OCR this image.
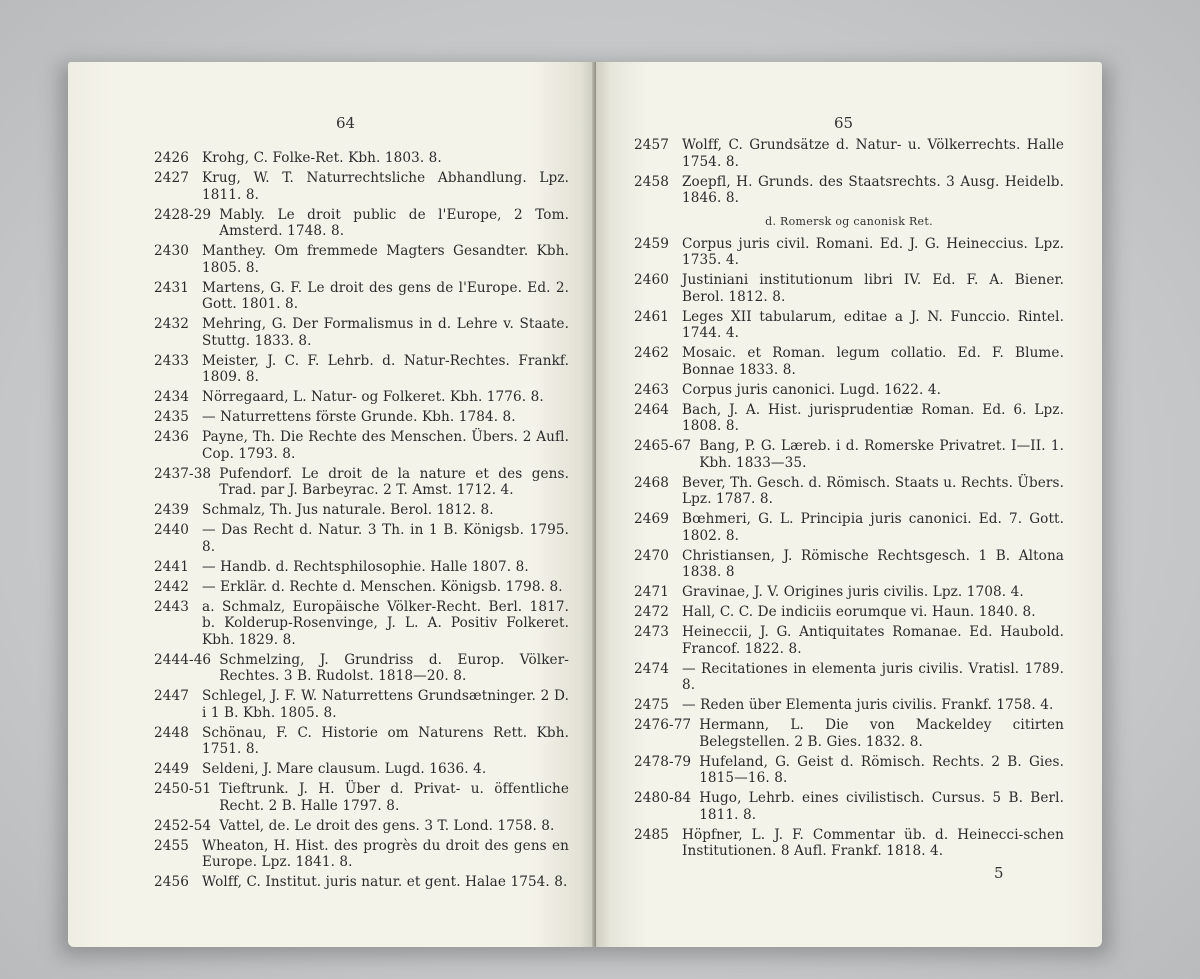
64
2426 Krohg, C. Folke-Ret. Kbh. 1803. 8.
2427 Krug, W. T. Naturrechtsliche Abhandlung. Lpz. 1811. 8.
2428-29 Mably. Le droit public de l'Europe, 2 Tom. Amsterd. 1748. 8.
2430 Manthey. Om fremmede Magters Gesandter. Kbh. 1805. 8.
2431 Martens, G. F. Le droit des gens de l'Europe. Ed. 2. Gott. 1801. 8.
2432 Mehring, G. Der Formalismus in d. Lehre v. Staate. Stuttg. 1833. 8.
2433 Meister, J. C. F. Lehrb. d. Natur-Rechtes. Frankf. 1809. 8.
2434 Nörregaard, L. Natur- og Folkeret. Kbh. 1776. 8.
2435 — Naturrettens förste Grunde. Kbh. 1784. 8.
2436 Payne, Th. Die Rechte des Menschen. Übers. 2 Aufl. Cop. 1793. 8.
2437-38 Pufendorf. Le droit de la nature et des gens. Trad. par J. Barbeyrac. 2 T. Amst. 1712. 4.
2439 Schmalz, Th. Jus naturale. Berol. 1812. 8.
2440 — Das Recht d. Natur. 3 Th. in 1 B. Königsb. 1795. 8.
2441 — Handb. d. Rechtsphilosophie. Halle 1807. 8.
2442 — Erklär. d. Rechte d. Menschen. Königsb. 1798. 8.
2443 a. Schmalz, Europäische Völker-Recht. Berl. 1817. b. Kolderup-Rosenvinge, J. L. A. Positiv Folkeret. Kbh. 1829. 8.
2444-46 Schmelzing, J. Grundriss d. Europ. Völker-Rechtes. 3 B. Rudolst. 1818—20. 8.
2447 Schlegel, J. F. W. Naturrettens Grundsætninger. 2 D. i 1 B. Kbh. 1805. 8.
2448 Schönau, F. C. Historie om Naturens Rett. Kbh. 1751. 8.
2449 Seldeni, J. Mare clausum. Lugd. 1636. 4.
2450-51 Tieftrunk. J. H. Über d. Privat- u. öffentliche Recht. 2 B. Halle 1797. 8.
2452-54 Vattel, de. Le droit des gens. 3 T. Lond. 1758. 8.
2455 Wheaton, H. Hist. des progrès du droit des gens en Europe. Lpz. 1841. 8.
2456 Wolff, C. Institut. juris natur. et gent. Halae 1754. 8.
65
2457 Wolff, C. Grundsätze d. Natur- u. Völkerrechts. Halle 1754. 8.
2458 Zoepfl, H. Grunds. des Staatsrechts. 3 Ausg. Heidelb. 1846. 8.
d. Romersk og canonisk Ret.
2459 Corpus juris civil. Romani. Ed. J. G. Heineccius. Lpz. 1735. 4.
2460 Justiniani institutionum libri IV. Ed. F. A. Biener. Berol. 1812. 8.
2461 Leges XII tabularum, editae a J. N. Funccio. Rintel. 1744. 4.
2462 Mosaic. et Roman. legum collatio. Ed. F. Blume. Bonnae 1833. 8.
2463 Corpus juris canonici. Lugd. 1622. 4.
2464 Bach, J. A. Hist. jurisprudentiæ Roman. Ed. 6. Lpz. 1808. 8.
2465-67 Bang, P. G. Læreb. i d. Romerske Privatret. I—II. 1. Kbh. 1833—35.
2468 Bever, Th. Gesch. d. Römisch. Staats u. Rechts. Übers. Lpz. 1787. 8.
2469 Bœhmeri, G. L. Principia juris canonici. Ed. 7. Gott. 1802. 8.
2470 Christiansen, J. Römische Rechtsgesch. 1 B. Altona 1838. 8
2471 Gravinae, J. V. Origines juris civilis. Lpz. 1708. 4.
2472 Hall, C. C. De indiciis eorumque vi. Haun. 1840. 8.
2473 Heineccii, J. G. Antiquitates Romanae. Ed. Haubold. Francof. 1822. 8.
2474 — Recitationes in elementa juris civilis. Vratisl. 1789. 8.
2475 — Reden über Elementa juris civilis. Frankf. 1758. 4.
2476-77 Hermann, L. Die von Mackeldey citirten Belegstellen. 2 B. Gies. 1832. 8.
2478-79 Hufeland, G. Geist d. Römisch. Rechts. 2 B. Gies. 1815—16. 8.
2480-84 Hugo, Lehrb. eines civilistisch. Cursus. 5 B. Berl. 1811. 8.
2485 Höpfner, L. J. F. Commentar üb. d. Heinecci-schen Institutionen. 8 Aufl. Frankf. 1818. 4.
5
